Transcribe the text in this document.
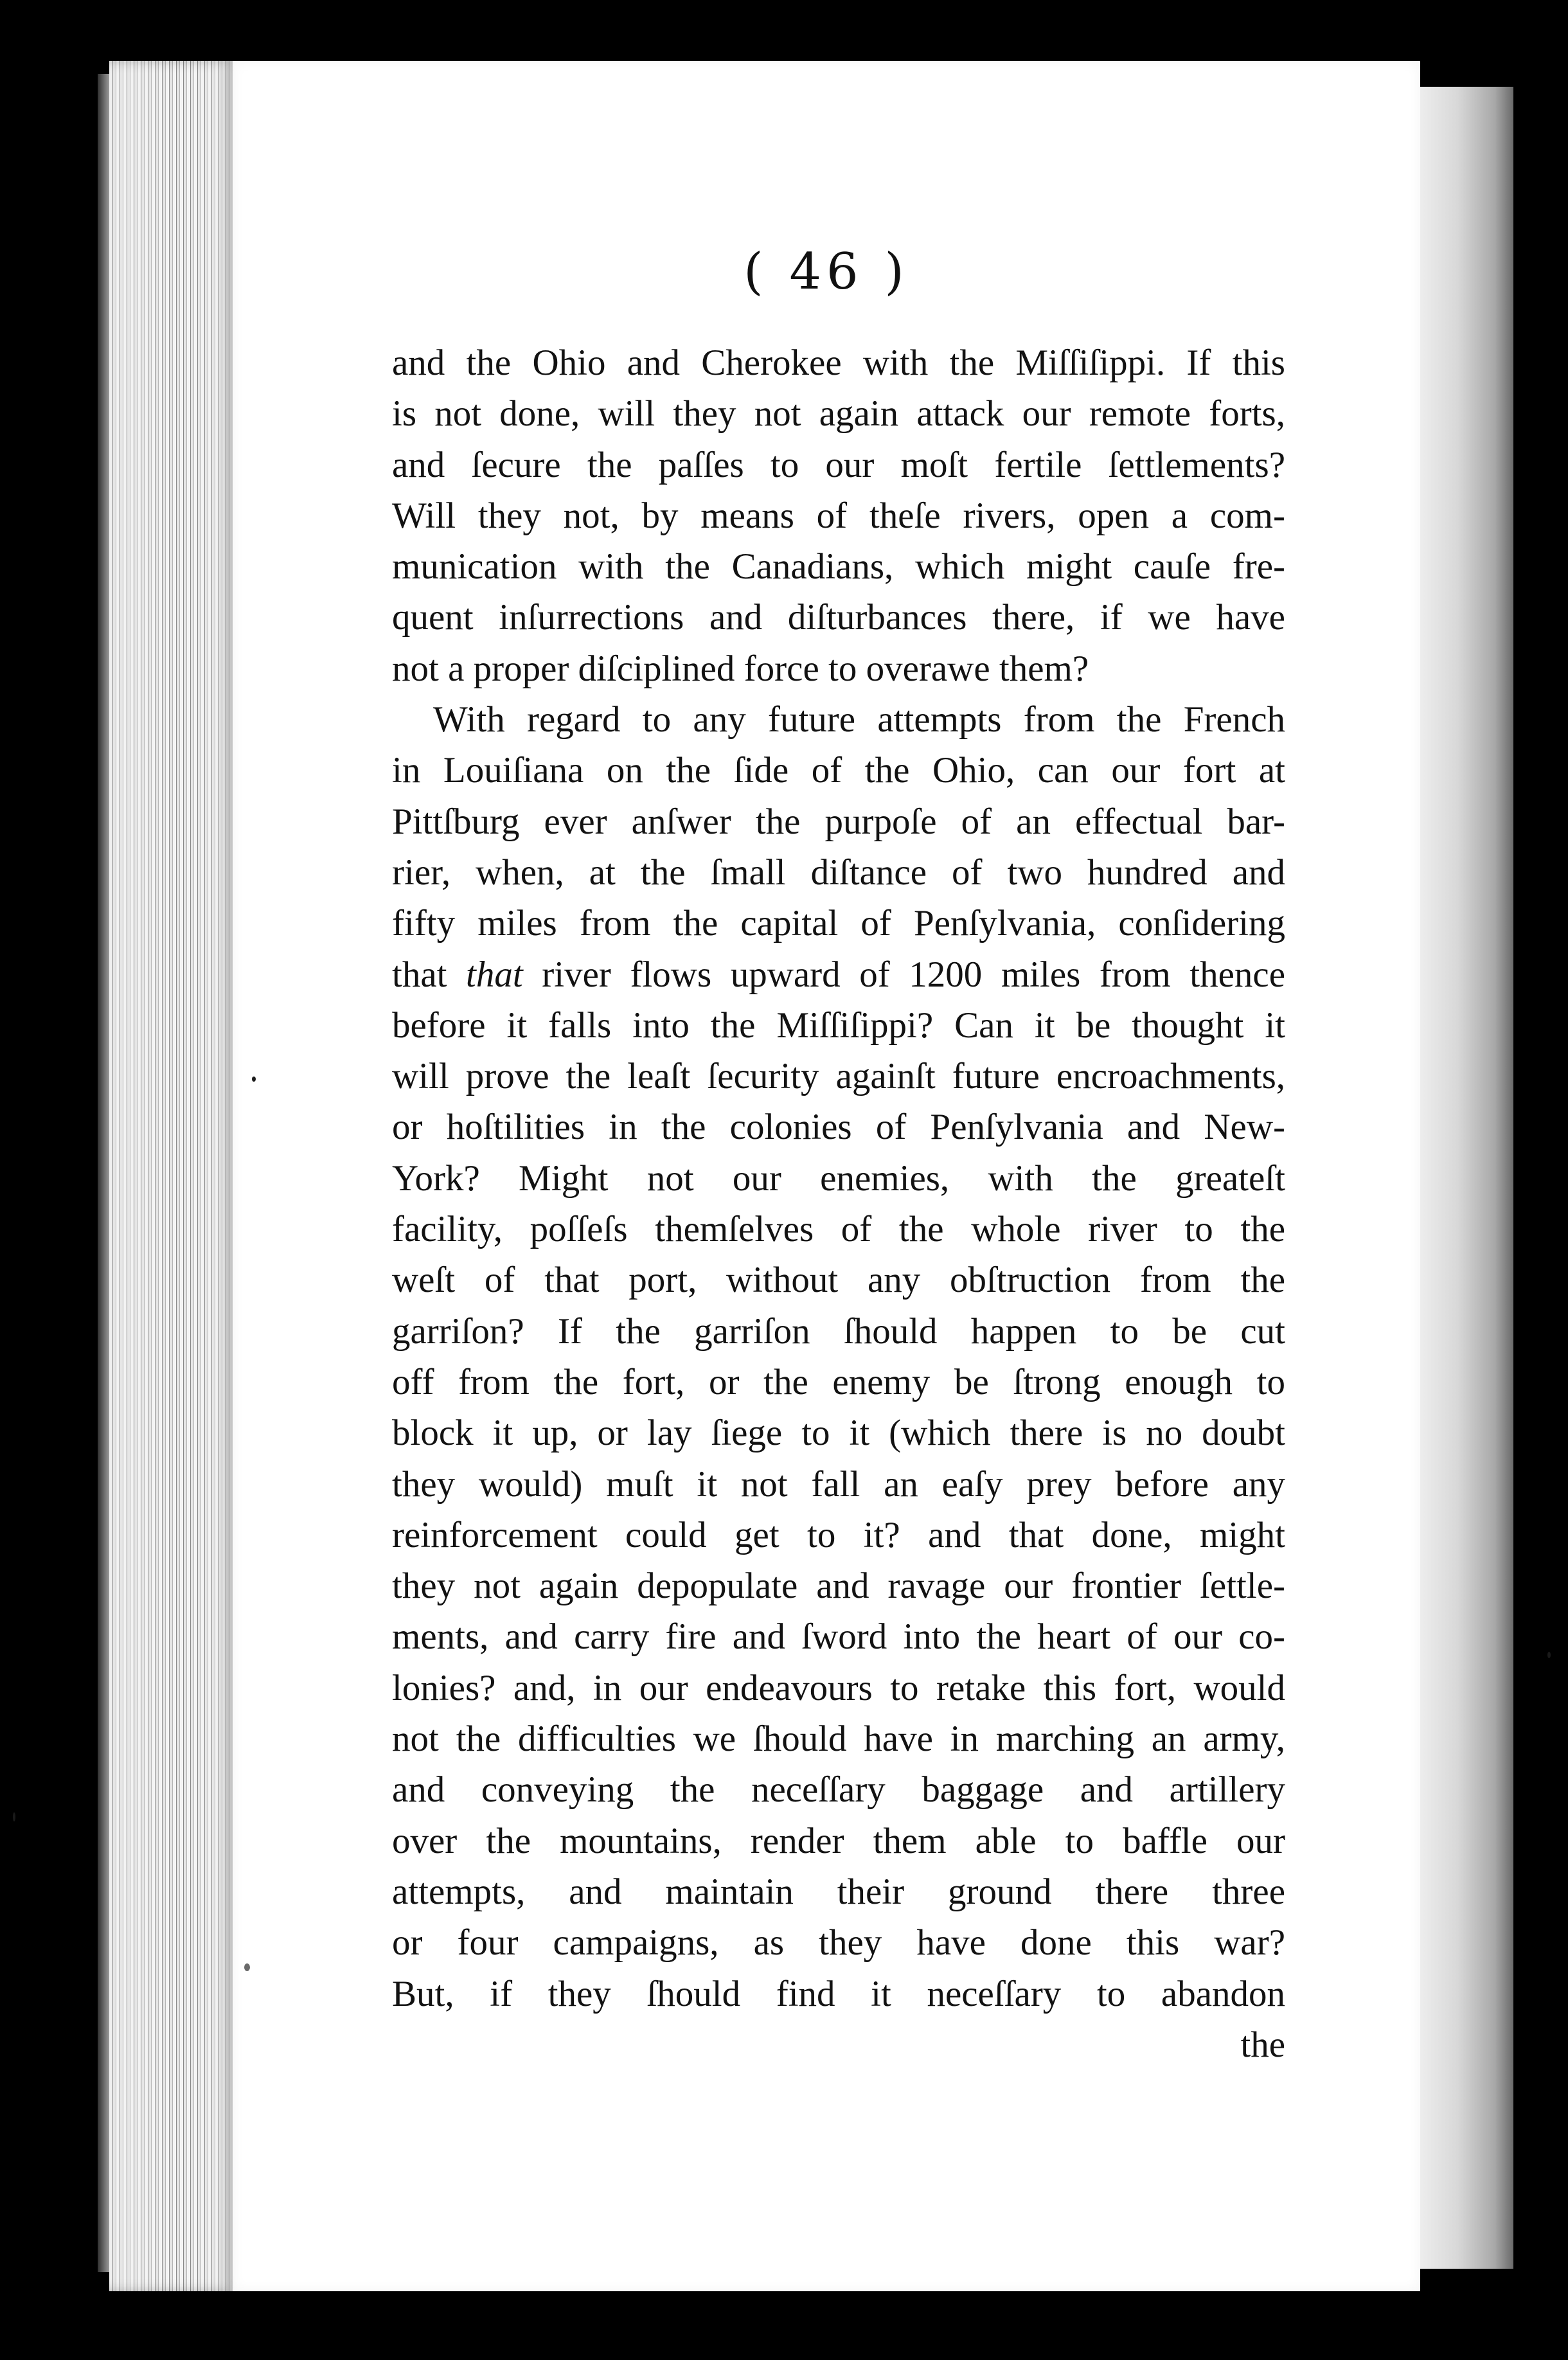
( 46 )
and the Ohio and Cherokee with the Miſſiſippi. If this
is not done, will they not again attack our remote forts,
and ſecure the paſſes to our moſt fertile ſettlements?
Will they not, by means of theſe rivers, open a com-
munication with the Canadians, which might cauſe fre-
quent inſurrections and diſturbances there, if we have
not a proper diſciplined force to overawe them?
With regard to any future attempts from the French
in Louiſiana on the ſide of the Ohio, can our fort at
Pittſburg ever anſwer the purpoſe of an effectual bar-
rier, when, at the ſmall diſtance of two hundred and
fifty miles from the capital of Penſylvania, conſidering
that that river flows upward of 1200 miles from thence
before it falls into the Miſſiſippi? Can it be thought it
will prove the leaſt ſecurity againſt future encroachments,
or hoſtilities in the colonies of Penſylvania and New-
York? Might not our enemies, with the greateſt
facility, poſſeſs themſelves of the whole river to the
weſt of that port, without any obſtruction from the
garriſon? If the garriſon ſhould happen to be cut
off from the fort, or the enemy be ſtrong enough to
block it up, or lay ſiege to it (which there is no doubt
they would) muſt it not fall an eaſy prey before any
reinforcement could get to it? and that done, might
they not again depopulate and ravage our frontier ſettle-
ments, and carry fire and ſword into the heart of our co-
lonies? and, in our endeavours to retake this fort, would
not the difficulties we ſhould have in marching an army,
and conveying the neceſſary baggage and artillery
over the mountains, render them able to baffle our
attempts, and maintain their ground there three
or four campaigns, as they have done this war?
But, if they ſhould find it neceſſary to abandon
the
